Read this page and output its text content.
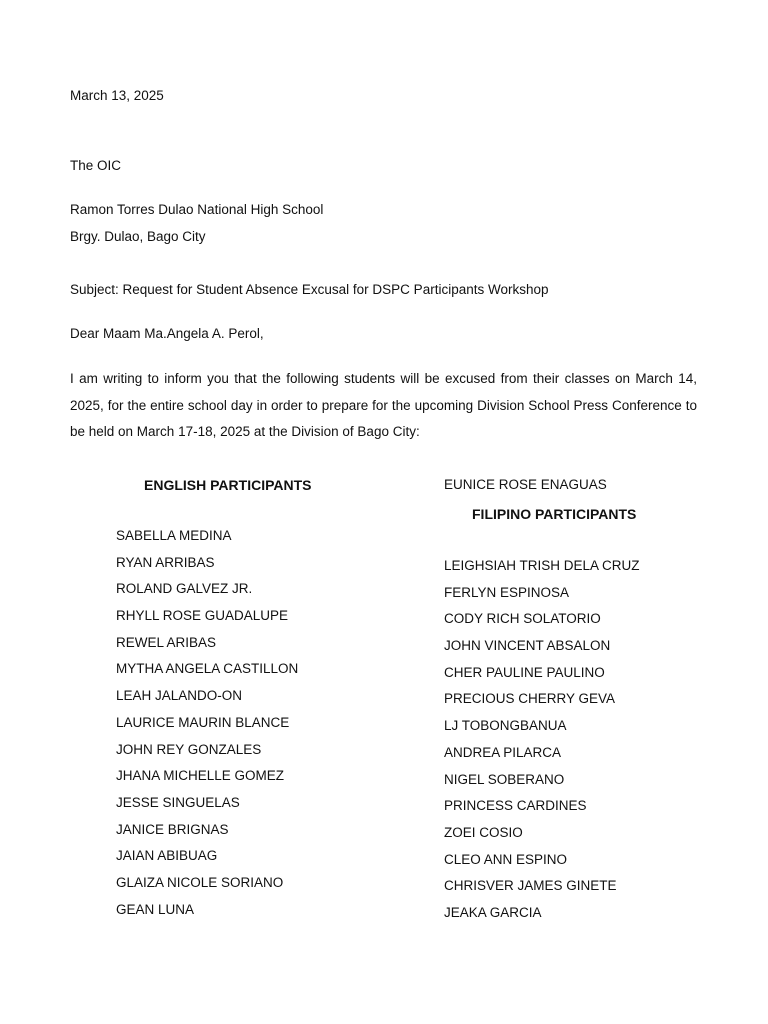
March 13, 2025
The OIC
Ramon Torres Dulao National High School
Brgy. Dulao, Bago City
Subject: Request for Student Absence Excusal for DSPC Participants Workshop
Dear Maam Ma.Angela A. Perol,
I am writing to inform you that the following students will be excused from their classes on March 14, 2025, for the entire school day in order to prepare for the upcoming Division School Press Conference to be held on March 17-18, 2025 at the Division of Bago City:
ENGLISH PARTICIPANTS
SABELLA MEDINA
RYAN ARRIBAS
ROLAND GALVEZ JR.
RHYLL ROSE GUADALUPE
REWEL ARIBAS
MYTHA ANGELA CASTILLON
LEAH JALANDO-ON
LAURICE MAURIN BLANCE
JOHN REY GONZALES
JHANA MICHELLE GOMEZ
JESSE SINGUELAS
JANICE BRIGNAS
JAIAN ABIBUAG
GLAIZA NICOLE SORIANO
GEAN LUNA
EUNICE ROSE ENAGUAS
FILIPINO PARTICIPANTS
LEIGHSIAH TRISH DELA CRUZ
FERLYN ESPINOSA
CODY RICH SOLATORIO
JOHN VINCENT ABSALON
CHER PAULINE PAULINO
PRECIOUS CHERRY GEVA
LJ TOBONGBANUA
ANDREA PILARCA
NIGEL SOBERANO
PRINCESS CARDINES
ZOEI COSIO
CLEO ANN ESPINO
CHRISVER JAMES GINETE
JEAKA GARCIA
